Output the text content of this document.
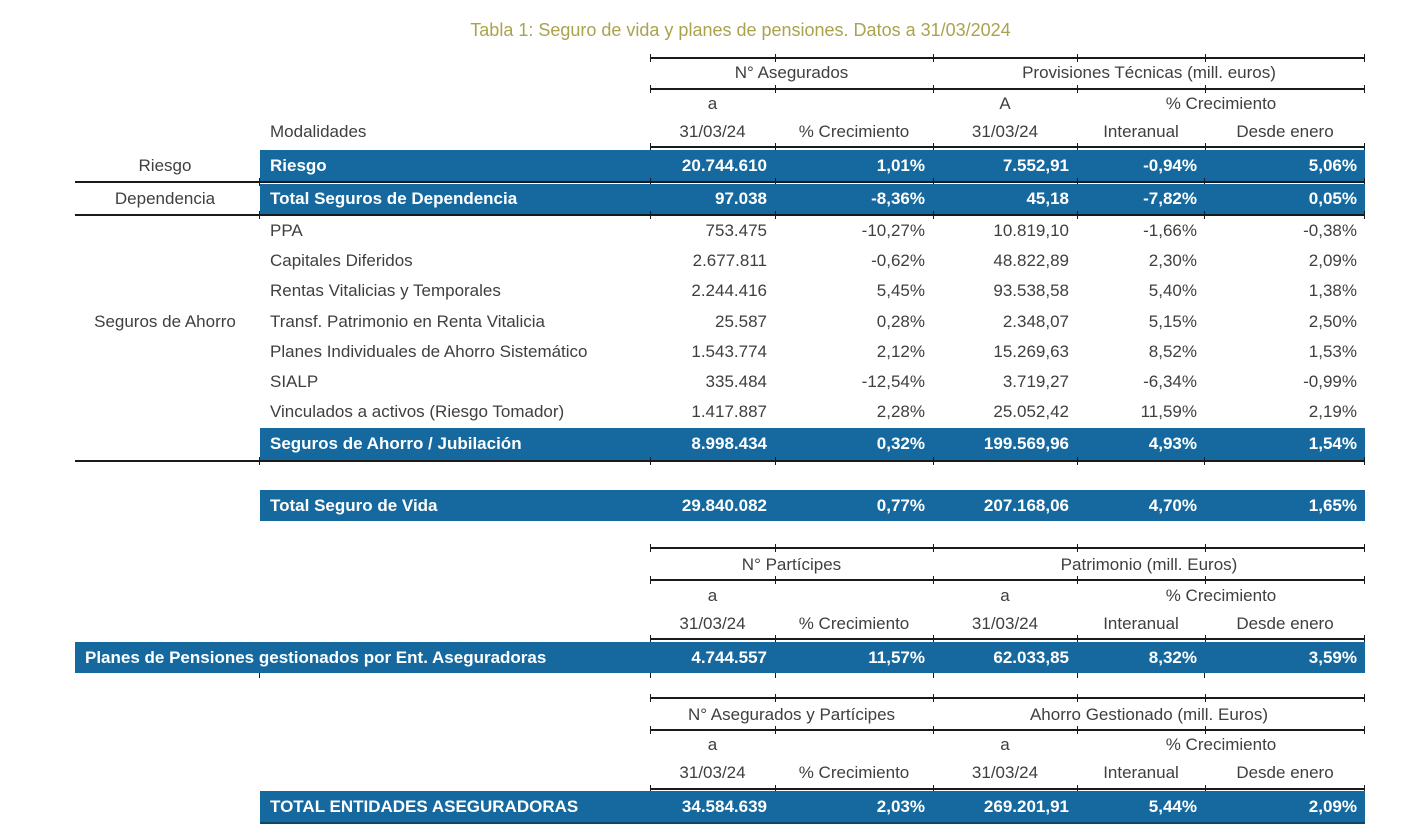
Tabla 1: Seguro de vida y planes de pensiones. Datos a 31/03/2024
N° Asegurados	Provisiones Técnicas (mill. euros)
a	A	% Crecimiento
Modalidades	31/03/24	% Crecimiento	31/03/24	Interanual	Desde enero
Riesgo	Riesgo	20.744.610	1,01%	7.552,91	-0,94%	5,06%
Dependencia	Total Seguros de Dependencia	97.038	-8,36%	45,18	-7,82%	0,05%
Seguros de Ahorro
PPA	753.475	-10,27%	10.819,10	-1,66%	-0,38%
Capitales Diferidos	2.677.811	-0,62%	48.822,89	2,30%	2,09%
Rentas Vitalicias y Temporales	2.244.416	5,45%	93.538,58	5,40%	1,38%
Transf. Patrimonio en Renta Vitalicia	25.587	0,28%	2.348,07	5,15%	2,50%
Planes Individuales de Ahorro Sistemático	1.543.774	2,12%	15.269,63	8,52%	1,53%
SIALP	335.484	-12,54%	3.719,27	-6,34%	-0,99%
Vinculados a activos (Riesgo Tomador)	1.417.887	2,28%	25.052,42	11,59%	2,19%
Seguros de Ahorro / Jubilación	8.998.434	0,32%	199.569,96	4,93%	1,54%
Total Seguro de Vida	29.840.082	0,77%	207.168,06	4,70%	1,65%
N° Partícipes	Patrimonio (mill. Euros)
a	a	% Crecimiento
31/03/24	% Crecimiento	31/03/24	Interanual	Desde enero
Planes de Pensiones gestionados por Ent. Aseguradoras	4.744.557	11,57%	62.033,85	8,32%	3,59%
N° Asegurados y Partícipes	Ahorro Gestionado (mill. Euros)
a	a	% Crecimiento
31/03/24	% Crecimiento	31/03/24	Interanual	Desde enero
TOTAL ENTIDADES ASEGURADORAS	34.584.639	2,03%	269.201,91	5,44%	2,09%
